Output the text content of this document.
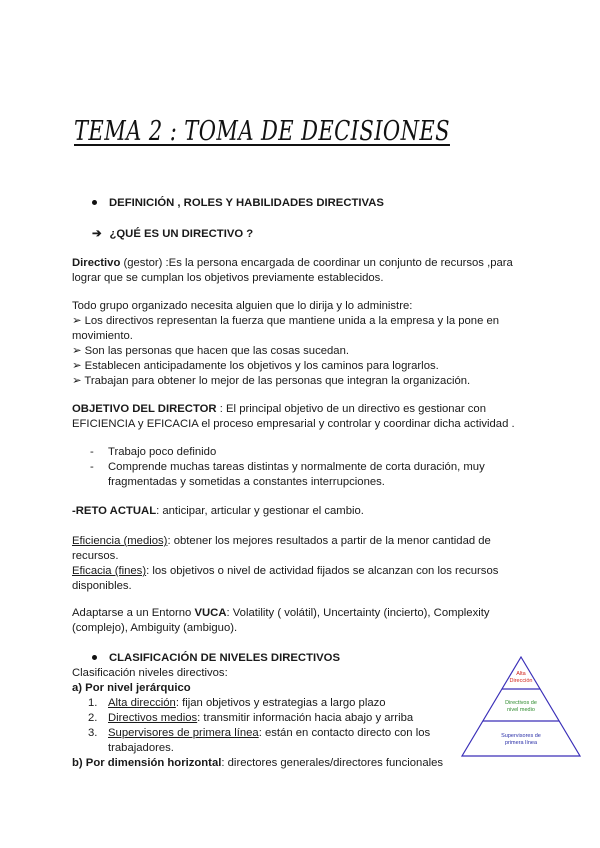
TEMA 2 : TOMA DE DECISIONES
DEFINICIÓN , ROLES Y HABILIDADES DIRECTIVAS
➔ ¿QUÉ ES UN DIRECTIVO ?
Directivo (gestor) :Es la persona encargada de coordinar un conjunto de recursos ,para
lograr que se cumplan los objetivos previamente establecidos.
Todo grupo organizado necesita alguien que lo dirija y lo administre:
➢ Los directivos representan la fuerza que mantiene unida a la empresa y la pone en
movimiento.
➢ Son las personas que hacen que las cosas sucedan.
➢ Establecen anticipadamente los objetivos y los caminos para lograrlos.
➢ Trabajan para obtener lo mejor de las personas que integran la organización.
OBJETIVO DEL DIRECTOR : El principal objetivo de un directivo es gestionar con
EFICIENCIA y EFICACIA el proceso empresarial y controlar y coordinar dicha actividad .
- Trabajo poco definido
- Comprende muchas tareas distintas y normalmente de corta duración, muy
fragmentadas y sometidas a constantes interrupciones.
-RETO ACTUAL: anticipar, articular y gestionar el cambio.
Eficiencia (medios): obtener los mejores resultados a partir de la menor cantidad de
recursos.
Eficacia (fines): los objetivos o nivel de actividad fijados se alcanzan con los recursos
disponibles.
Adaptarse a un Entorno VUCA: Volatility ( volátil), Uncertainty (incierto), Complexity
(complejo), Ambiguity (ambiguo).
CLASIFICACIÓN DE NIVELES DIRECTIVOS
Clasificación niveles directivos:
a) Por nivel jerárquico
1. Alta dirección: fijan objetivos y estrategias a largo plazo
2. Directivos medios: transmitir información hacia abajo y arriba
3. Supervisores de primera línea: están en contacto directo con los
trabajadores.
b) Por dimensión horizontal: directores generales/directores funcionales
Alta
Dirección
Directivos de
nivel medio
Supervisores de
primera línea
